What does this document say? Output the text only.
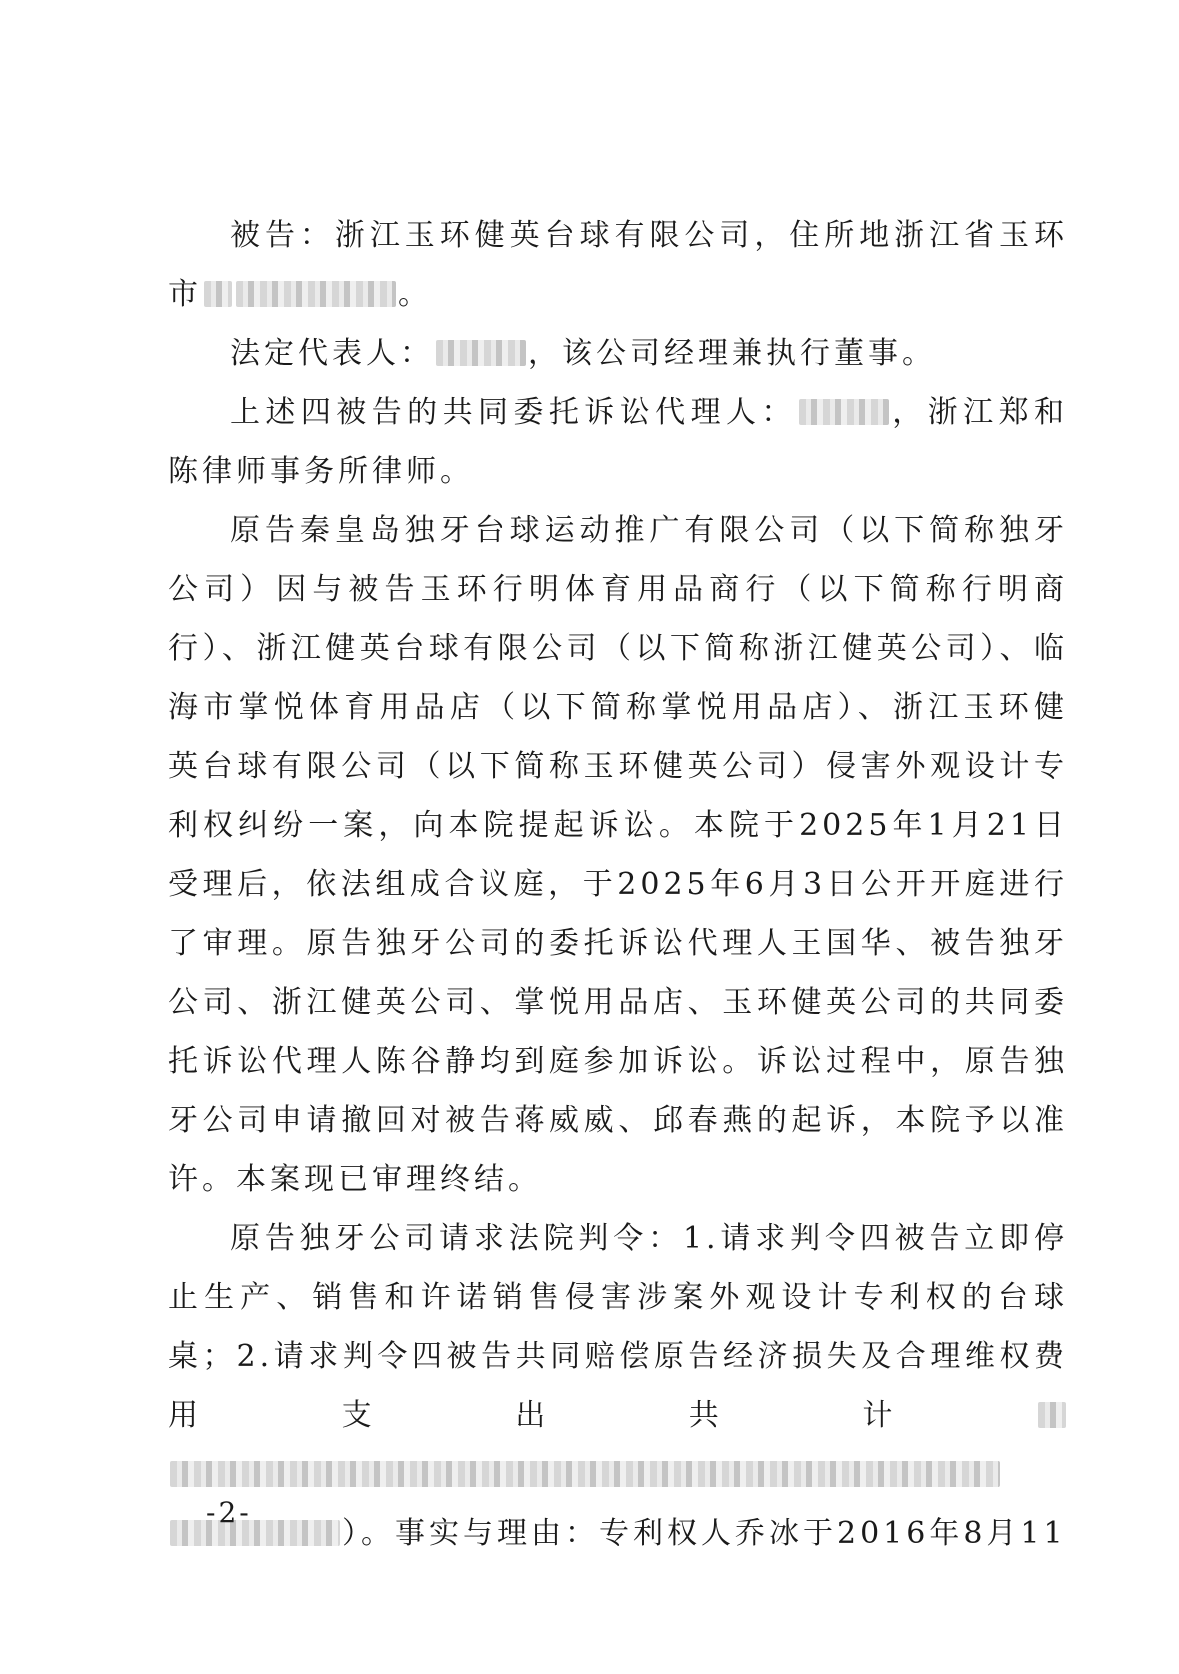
被告：浙江玉环健英台球有限公司，住所地浙江省玉环市	。

法定代表人：	，该公司经理兼执行董事。

上述四被告的共同委托诉讼代理人：	，浙江郑和陈律师事务所律师。

原告秦皇岛独牙台球运动推广有限公司（以下简称独牙公司）因与被告玉环行明体育用品商行（以下简称行明商行）、浙江健英台球有限公司（以下简称浙江健英公司）、临海市掌悦体育用品店（以下简称掌悦用品店）、浙江玉环健英台球有限公司（以下简称玉环健英公司）侵害外观设计专利权纠纷一案，向本院提起诉讼。本院于2025年1月21日受理后，依法组成合议庭，于2025年6月3日公开开庭进行了审理。原告独牙公司的委托诉讼代理人王国华、被告独牙公司、浙江健英公司、掌悦用品店、玉环健英公司的共同委托诉讼代理人陈谷静均到庭参加诉讼。诉讼过程中，原告独牙公司申请撤回对被告蒋威威、邱春燕的起诉，本院予以准许。本案现已审理终结。

原告独牙公司请求法院判令：1.请求判令四被告立即停止生产、销售和许诺销售侵害涉案外观设计专利权的台球桌；2.请求判令四被告共同赔偿原告经济损失及合理维权费用支出共计）。事实与理由：专利权人乔冰于2016年8月11

-2-
